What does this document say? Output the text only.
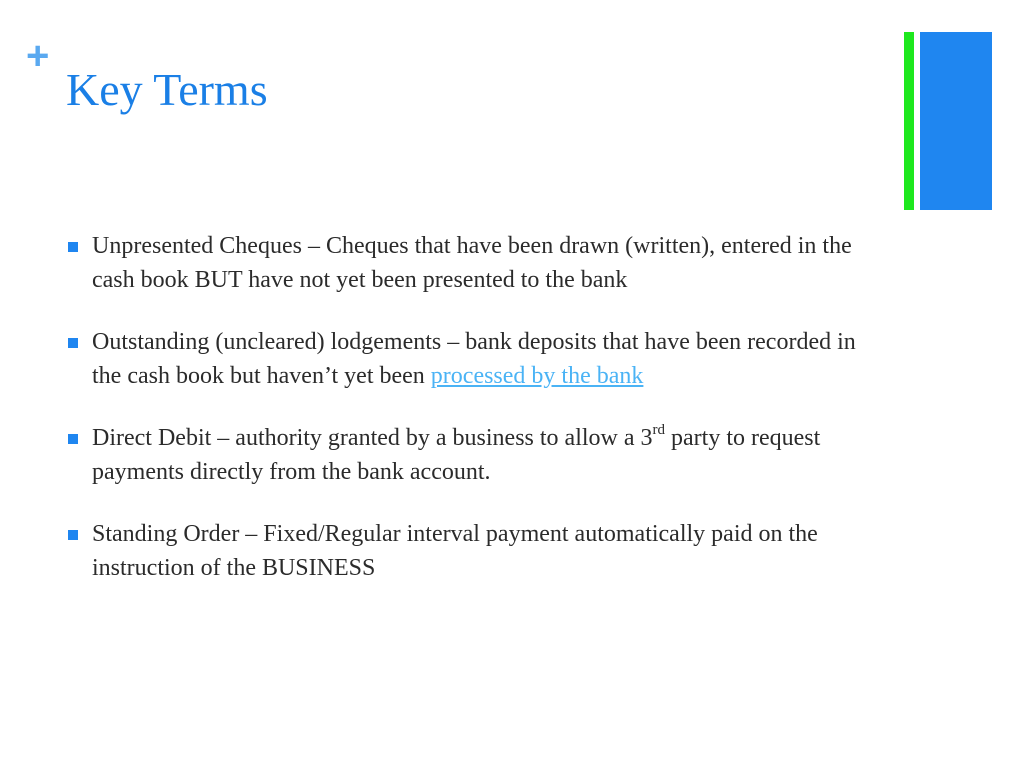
+
Key Terms
Unpresented Cheques – Cheques that have been drawn (written), entered in the cash book BUT have not yet been presented to the bank
Outstanding (uncleared) lodgements – bank deposits that have been recorded in the cash book but haven’t yet been processed by the bank
Direct Debit – authority granted by a business to allow a 3rd party to request payments directly from the bank account.
Standing Order – Fixed/Regular interval payment automatically paid on the instruction of the BUSINESS
